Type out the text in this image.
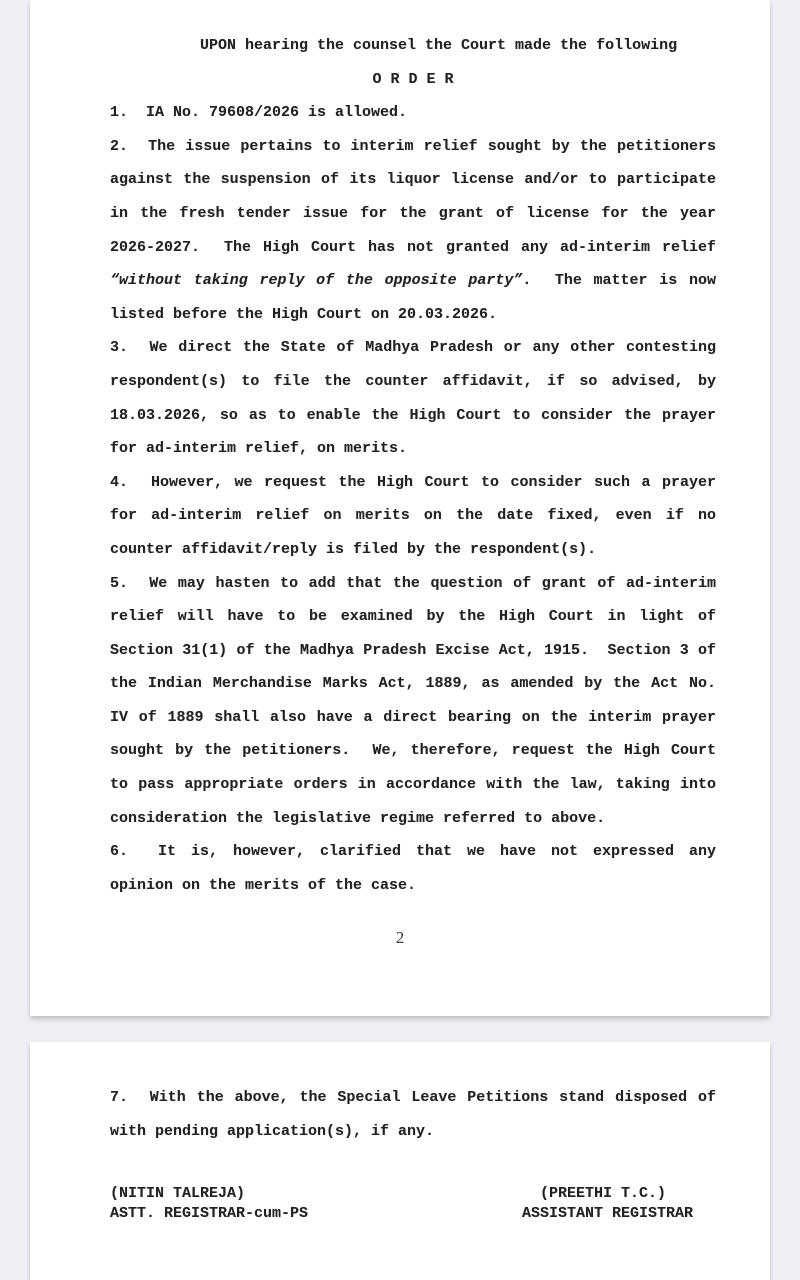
UPON hearing the counsel the Court made the following
O R D E R
1.  IA No. 79608/2026 is allowed.
2.  The issue pertains to interim relief sought by the petitioners
against the suspension of its liquor license and/or to participate
in the fresh tender issue for the grant of license for the year
2026-2027.  The High Court has not granted any ad-interim relief
“without taking reply of the opposite party”.  The matter is now
listed before the High Court on 20.03.2026.
3.  We direct the State of Madhya Pradesh or any other contesting
respondent(s) to file the counter affidavit, if so advised, by
18.03.2026, so as to enable the High Court to consider the prayer
for ad-interim relief, on merits.
4.  However, we request the High Court to consider such a prayer
for ad-interim relief on merits on the date fixed, even if no
counter affidavit/reply is filed by the respondent(s).
5.  We may hasten to add that the question of grant of ad-interim
relief will have to be examined by the High Court in light of
Section 31(1) of the Madhya Pradesh Excise Act, 1915.  Section 3 of
the Indian Merchandise Marks Act, 1889, as amended by the Act No.
IV of 1889 shall also have a direct bearing on the interim prayer
sought by the petitioners.  We, therefore, request the High Court
to pass appropriate orders in accordance with the law, taking into
consideration the legislative regime referred to above.
6.  It is, however, clarified that we have not expressed any
opinion on the merits of the case.
2
7.  With the above, the Special Leave Petitions stand disposed of
with pending application(s), if any.
(NITIN TALREJA)
ASTT. REGISTRAR-cum-PS
(PREETHI T.C.)
ASSISTANT REGISTRAR
